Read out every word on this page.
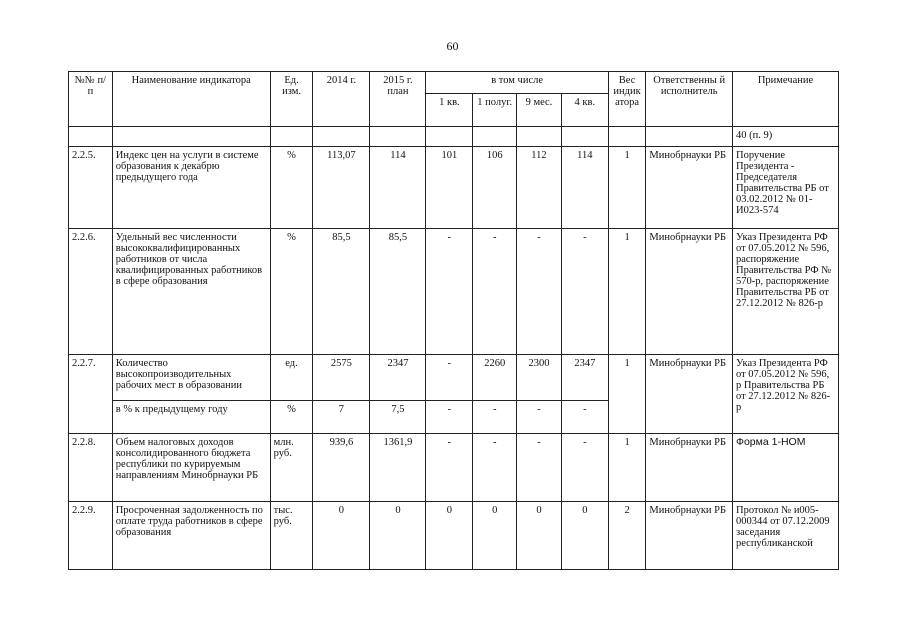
60
№№ п/п	Наименование индикатора	Ед. изм.	2014 г.	2015 г. план	в том числе				Вес индик атора	Ответственны й исполнитель	Примечание
					1 кв.	1 полуг.	9 мес.	4 кв.			
											40 (п. 9)
2.2.5.	Индекс цен на услуги в системе образования к декабрю предыдущего года	%	113,07	114	101	106	112	114	1	Минобрнауки РБ	Поручение Президента - Председателя Правительства РБ от 03.02.2012 № 01-И023-574
2.2.6.	Удельный вес численности высококвалифицированных работников от числа квалифицированных работников в сфере образования	%	85,5	85,5	-	-	-	-	1	Минобрнауки РБ	Указ Президента РФ от 07.05.2012 № 596, распоряжение Правительства РФ № 570-р, распоряжение Правительства РБ от 27.12.2012 № 826-р
2.2.7.	Количество высокопроизводительных рабочих мест в образовании	ед.	2575	2347	-	2260	2300	2347	1	Минобрнауки РБ	Указ Президента РФ от 07.05.2012 № 596, р Правительства РБ от 27.12.2012 № 826-р
	в % к предыдущему году	%	7	7,5	-	-	-	-			
2.2.8.	Объем налоговых доходов консолидированного бюджета республики по курируемым направлениям Минобрнауки РБ	млн. руб.	939,6	1361,9	-	-	-	-	1	Минобрнауки РБ	Форма 1-НОМ
2.2.9.	Просроченная задолженность по оплате труда работников в сфере образования	тыс. руб.	0	0	0	0	0	0	2	Минобрнауки РБ	Протокол № и005-000344 от 07.12.2009 заседания республиканской
